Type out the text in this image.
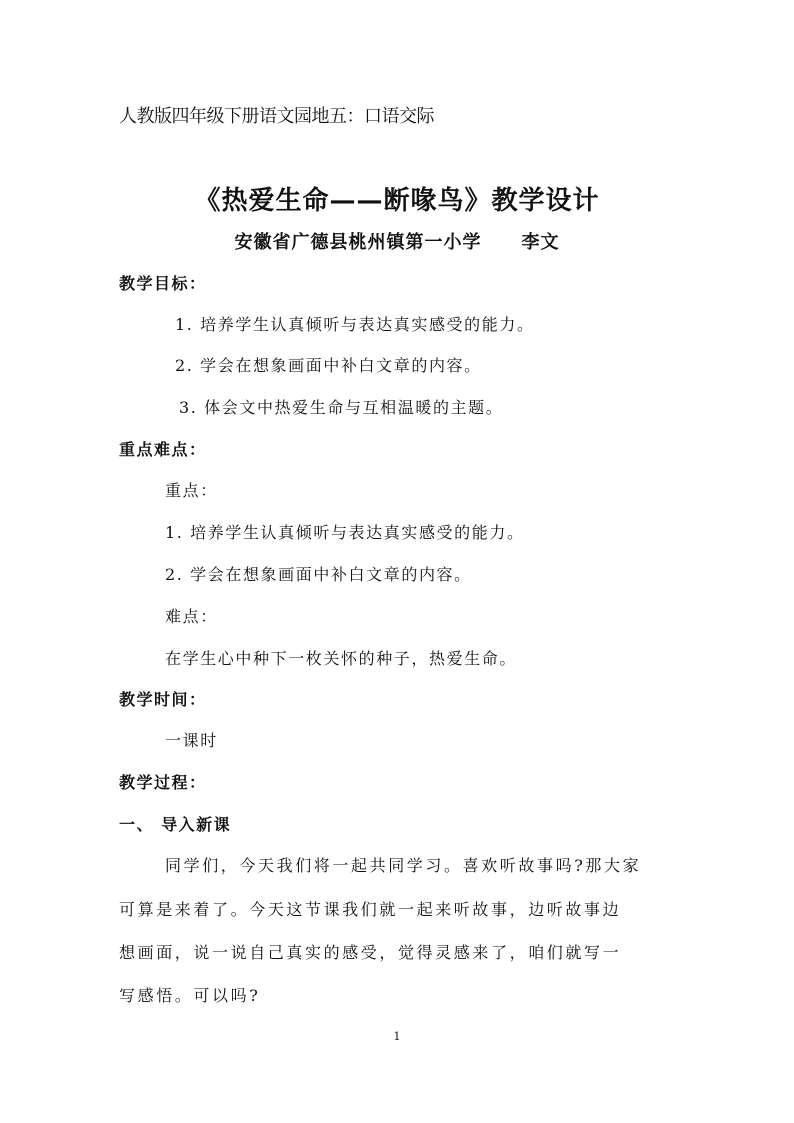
人教版四年级下册语文园地五：口语交际
《热爱生命——断喙鸟》教学设计
安徽省广德县桃州镇第一小学 李文
教学目标：
1. 培养学生认真倾听与表达真实感受的能力。
2. 学会在想象画面中补白文章的内容。
3. 体会文中热爱生命与互相温暖的主题。
重点难点：
重点：
1. 培养学生认真倾听与表达真实感受的能力。
2. 学会在想象画面中补白文章的内容。
难点：
在学生心中种下一枚关怀的种子，热爱生命。
教学时间：
一课时
教学过程：
一、 导入新课
同学们，今天我们将一起共同学习。喜欢听故事吗?那大家
可算是来着了。今天这节课我们就一起来听故事，边听故事边
想画面，说一说自己真实的感受，觉得灵感来了，咱们就写一
写感悟。可以吗?
1
